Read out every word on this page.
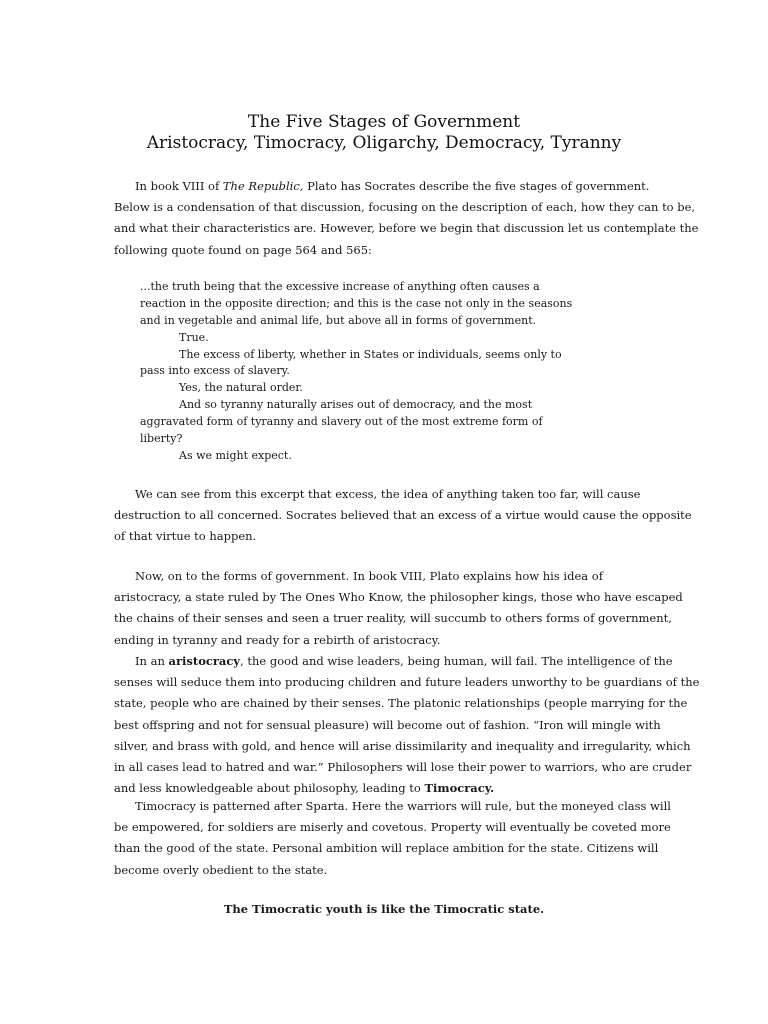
The Five Stages of Government
Aristocracy, Timocracy, Oligarchy, Democracy, Tyranny
In book VIII of The Republic, Plato has Socrates describe the five stages of government.
Below is a condensation of that discussion, focusing on the description of each, how they can to be,
and what their characteristics are. However, before we begin that discussion let us contemplate the
following quote found on page 564 and 565:
...the truth being that the excessive increase of anything often causes a
reaction in the opposite direction; and this is the case not only in the seasons
and in vegetable and animal life, but above all in forms of government.
True.
The excess of liberty, whether in States or individuals, seems only to
pass into excess of slavery.
Yes, the natural order.
And so tyranny naturally arises out of democracy, and the most
aggravated form of tyranny and slavery out of the most extreme form of
liberty?
As we might expect.
We can see from this excerpt that excess, the idea of anything taken too far, will cause
destruction to all concerned. Socrates believed that an excess of a virtue would cause the opposite
of that virtue to happen.
Now, on to the forms of government. In book VIII, Plato explains how his idea of
aristocracy, a state ruled by The Ones Who Know, the philosopher kings, those who have escaped
the chains of their senses and seen a truer reality, will succumb to others forms of government,
ending in tyranny and ready for a rebirth of aristocracy.
In an aristocracy, the good and wise leaders, being human, will fail. The intelligence of the
senses will seduce them into producing children and future leaders unworthy to be guardians of the
state, people who are chained by their senses. The platonic relationships (people marrying for the
best offspring and not for sensual pleasure) will become out of fashion. “Iron will mingle with
silver, and brass with gold, and hence will arise dissimilarity and inequality and irregularity, which
in all cases lead to hatred and war.” Philosophers will lose their power to warriors, who are cruder
and less knowledgeable about philosophy, leading to Timocracy.
Timocracy is patterned after Sparta. Here the warriors will rule, but the moneyed class will
be empowered, for soldiers are miserly and covetous. Property will eventually be coveted more
than the good of the state. Personal ambition will replace ambition for the state. Citizens will
become overly obedient to the state.
The Timocratic youth is like the Timocratic state.
